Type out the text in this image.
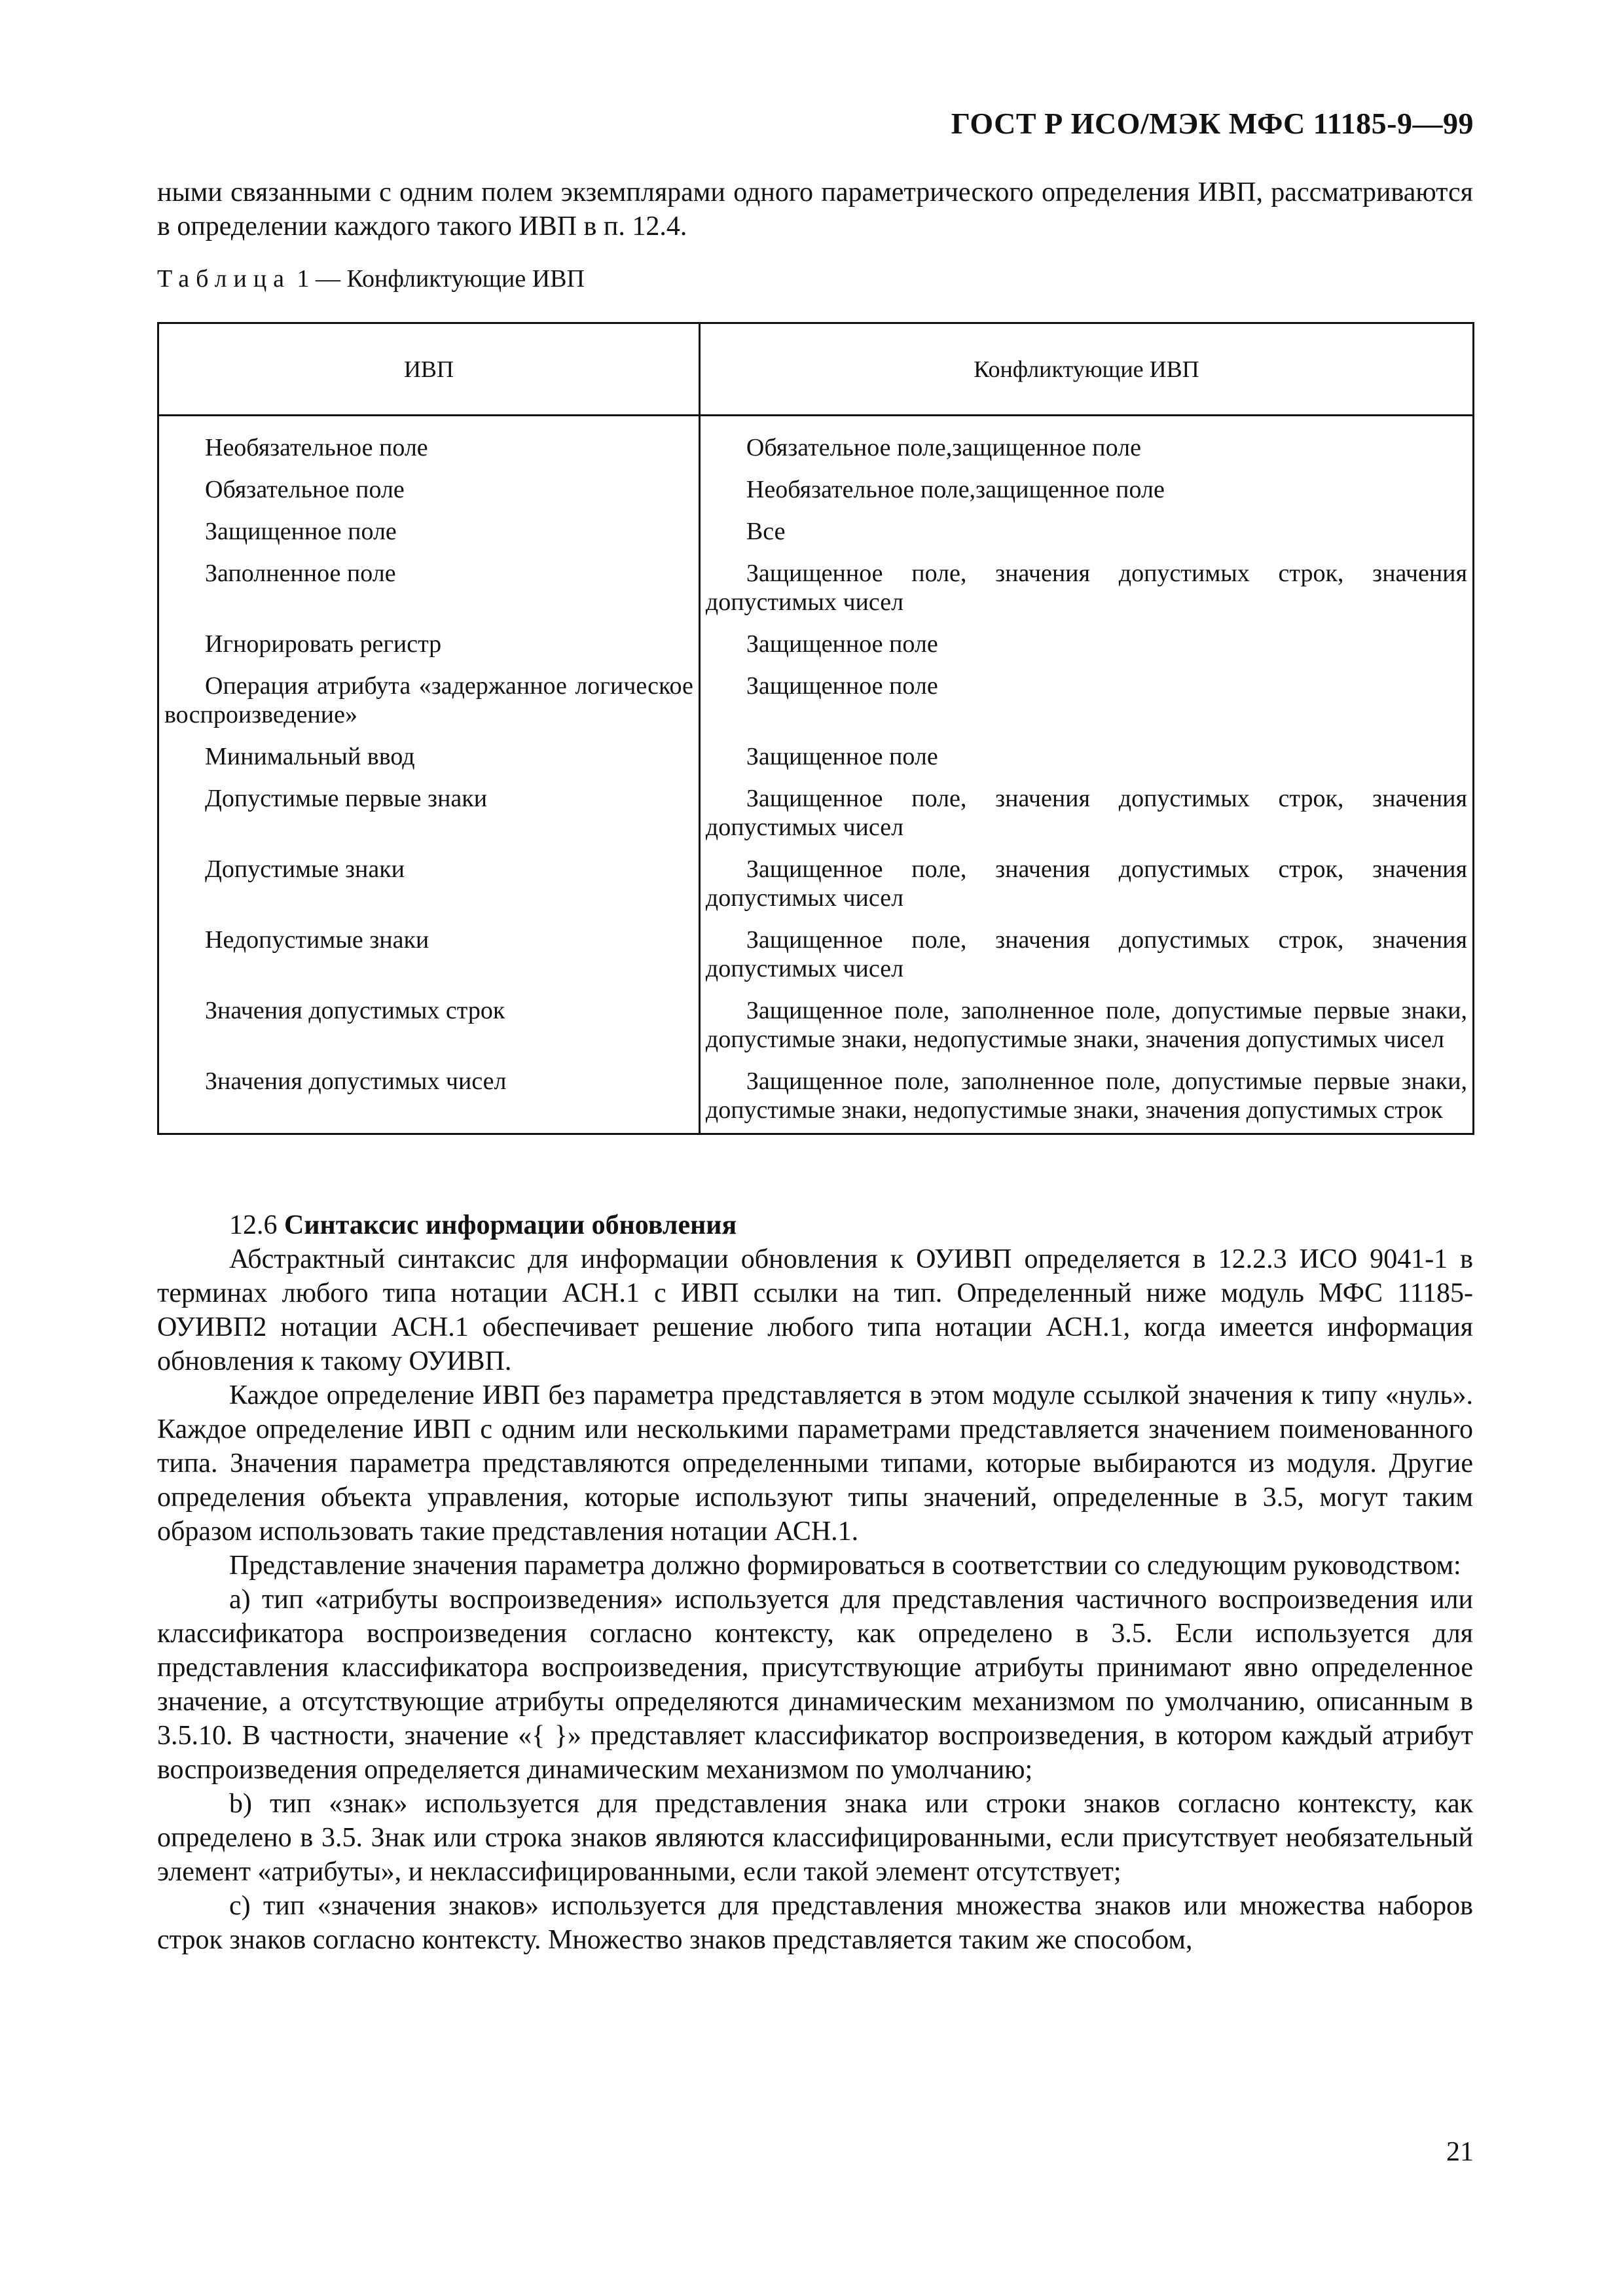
ГОСТ Р ИСО/МЭК МФС 11185-9—99

ными связанными с одним полем экземплярами одного параметрического определения ИВП, рассматриваются в определении каждого такого ИВП в п. 12.4.

Таблица 1 — Конфликтующие ИВП
ИВП	Конфликтующие ИВП

Необязательное поле	Обязательное поле,защищенное поле

Обязательное поле	Необязательное поле,защищенное поле

Защищенное поле	Все

Заполненное поле	Защищенное поле, значения допустимых строк, значения допустимых чисел

Игнорировать регистр	Защищенное поле

Операция атрибута «задержанное логическое воспроизведение»	Защищенное поле

Минимальный ввод	Защищенное поле

Допустимые первые знаки	Защищенное поле, значения допустимых строк, значения допустимых чисел

Допустимые знаки	Защищенное поле, значения допустимых строк, значения допустимых чисел

Недопустимые знаки	Защищенное поле, значения допустимых строк, значения допустимых чисел

Значения допустимых строк	Защищенное поле, заполненное поле, допустимые первые знаки, допустимые знаки, недопустимые знаки, значения допустимых чисел

Значения допустимых чисел	Защищенное поле, заполненное поле, допустимые первые знаки, допустимые знаки, недопустимые знаки, значения допустимых строк

12.6 Синтаксис информации обновления

Абстрактный синтаксис для информации обновления к ОУИВП определяется в 12.2.3 ИСО 9041-1 в терминах любого типа нотации АСН.1 с ИВП ссылки на тип. Определенный ниже модуль МФС 11185-ОУИВП2 нотации АСН.1 обеспечивает решение любого типа нотации АСН.1, когда имеется информация обновления к такому ОУИВП.

Каждое определение ИВП без параметра представляется в этом модуле ссылкой значения к типу «нуль». Каждое определение ИВП с одним или несколькими параметрами представляется значением поименованного типа. Значения параметра представляются определенными типами, которые выбираются из модуля. Другие определения объекта управления, которые используют типы значений, определенные в 3.5, могут таким образом использовать такие представления нотации АСН.1.

Представление значения параметра должно формироваться в соответствии со следующим руководством:

а) тип «атрибуты воспроизведения» используется для представления частичного воспроизведения или классификатора воспроизведения согласно контексту, как определено в 3.5. Если используется для представления классификатора воспроизведения, присутствующие атрибуты принимают явно определенное значение, а отсутствующие атрибуты определяются динамическим механизмом по умолчанию, описанным в 3.5.10. В частности, значение «{ }» представляет классификатор воспроизведения, в котором каждый атрибут воспроизведения определяется динамическим механизмом по умолчанию;

b) тип «знак» используется для представления знака или строки знаков согласно контексту, как определено в 3.5. Знак или строка знаков являются классифицированными, если присутствует необязательный элемент «атрибуты», и неклассифицированными, если такой элемент отсутствует;

с) тип «значения знаков» используется для представления множества знаков или множества наборов строк знаков согласно контексту. Множество знаков представляется таким же способом,

21
